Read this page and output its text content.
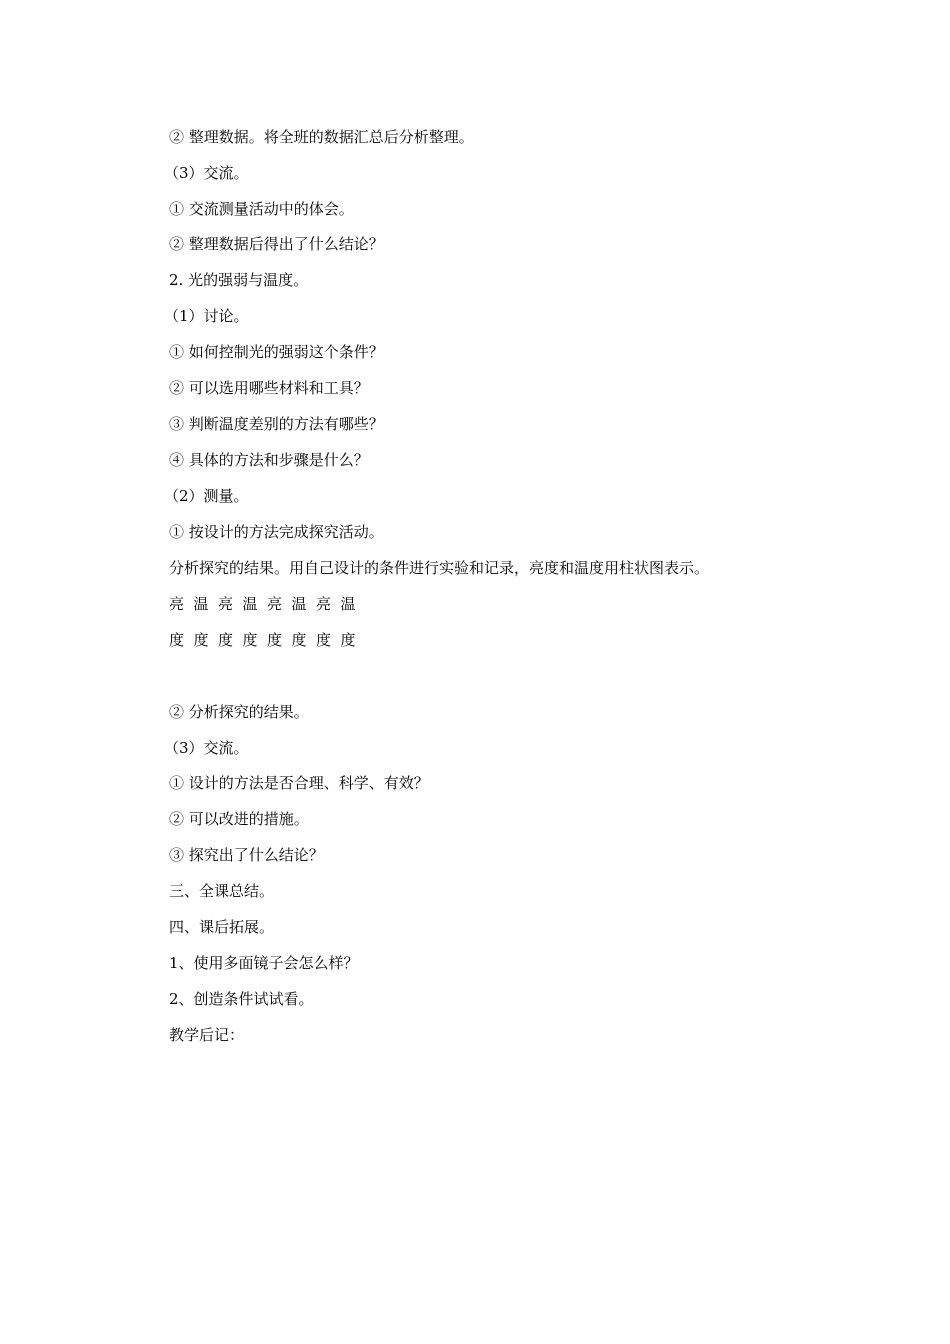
② 整理数据。将全班的数据汇总后分析整理。
（3）交流。
① 交流测量活动中的体会。
② 整理数据后得出了什么结论？
2. 光的强弱与温度。
（1）讨论。
① 如何控制光的强弱这个条件？
② 可以选用哪些材料和工具？
③ 判断温度差别的方法有哪些？
④ 具体的方法和步骤是什么？
（2）测量。
① 按设计的方法完成探究活动。
分析探究的结果。用自己设计的条件进行实验和记录，亮度和温度用柱状图表示。
亮 温 亮 温 亮 温 亮 温
度 度 度 度 度 度 度 度
② 分析探究的结果。
（3）交流。
① 设计的方法是否合理、科学、有效？
② 可以改进的措施。
③ 探究出了什么结论？
三、全课总结。
四、课后拓展。
1、使用多面镜子会怎么样？
2、创造条件试试看。
教学后记：
